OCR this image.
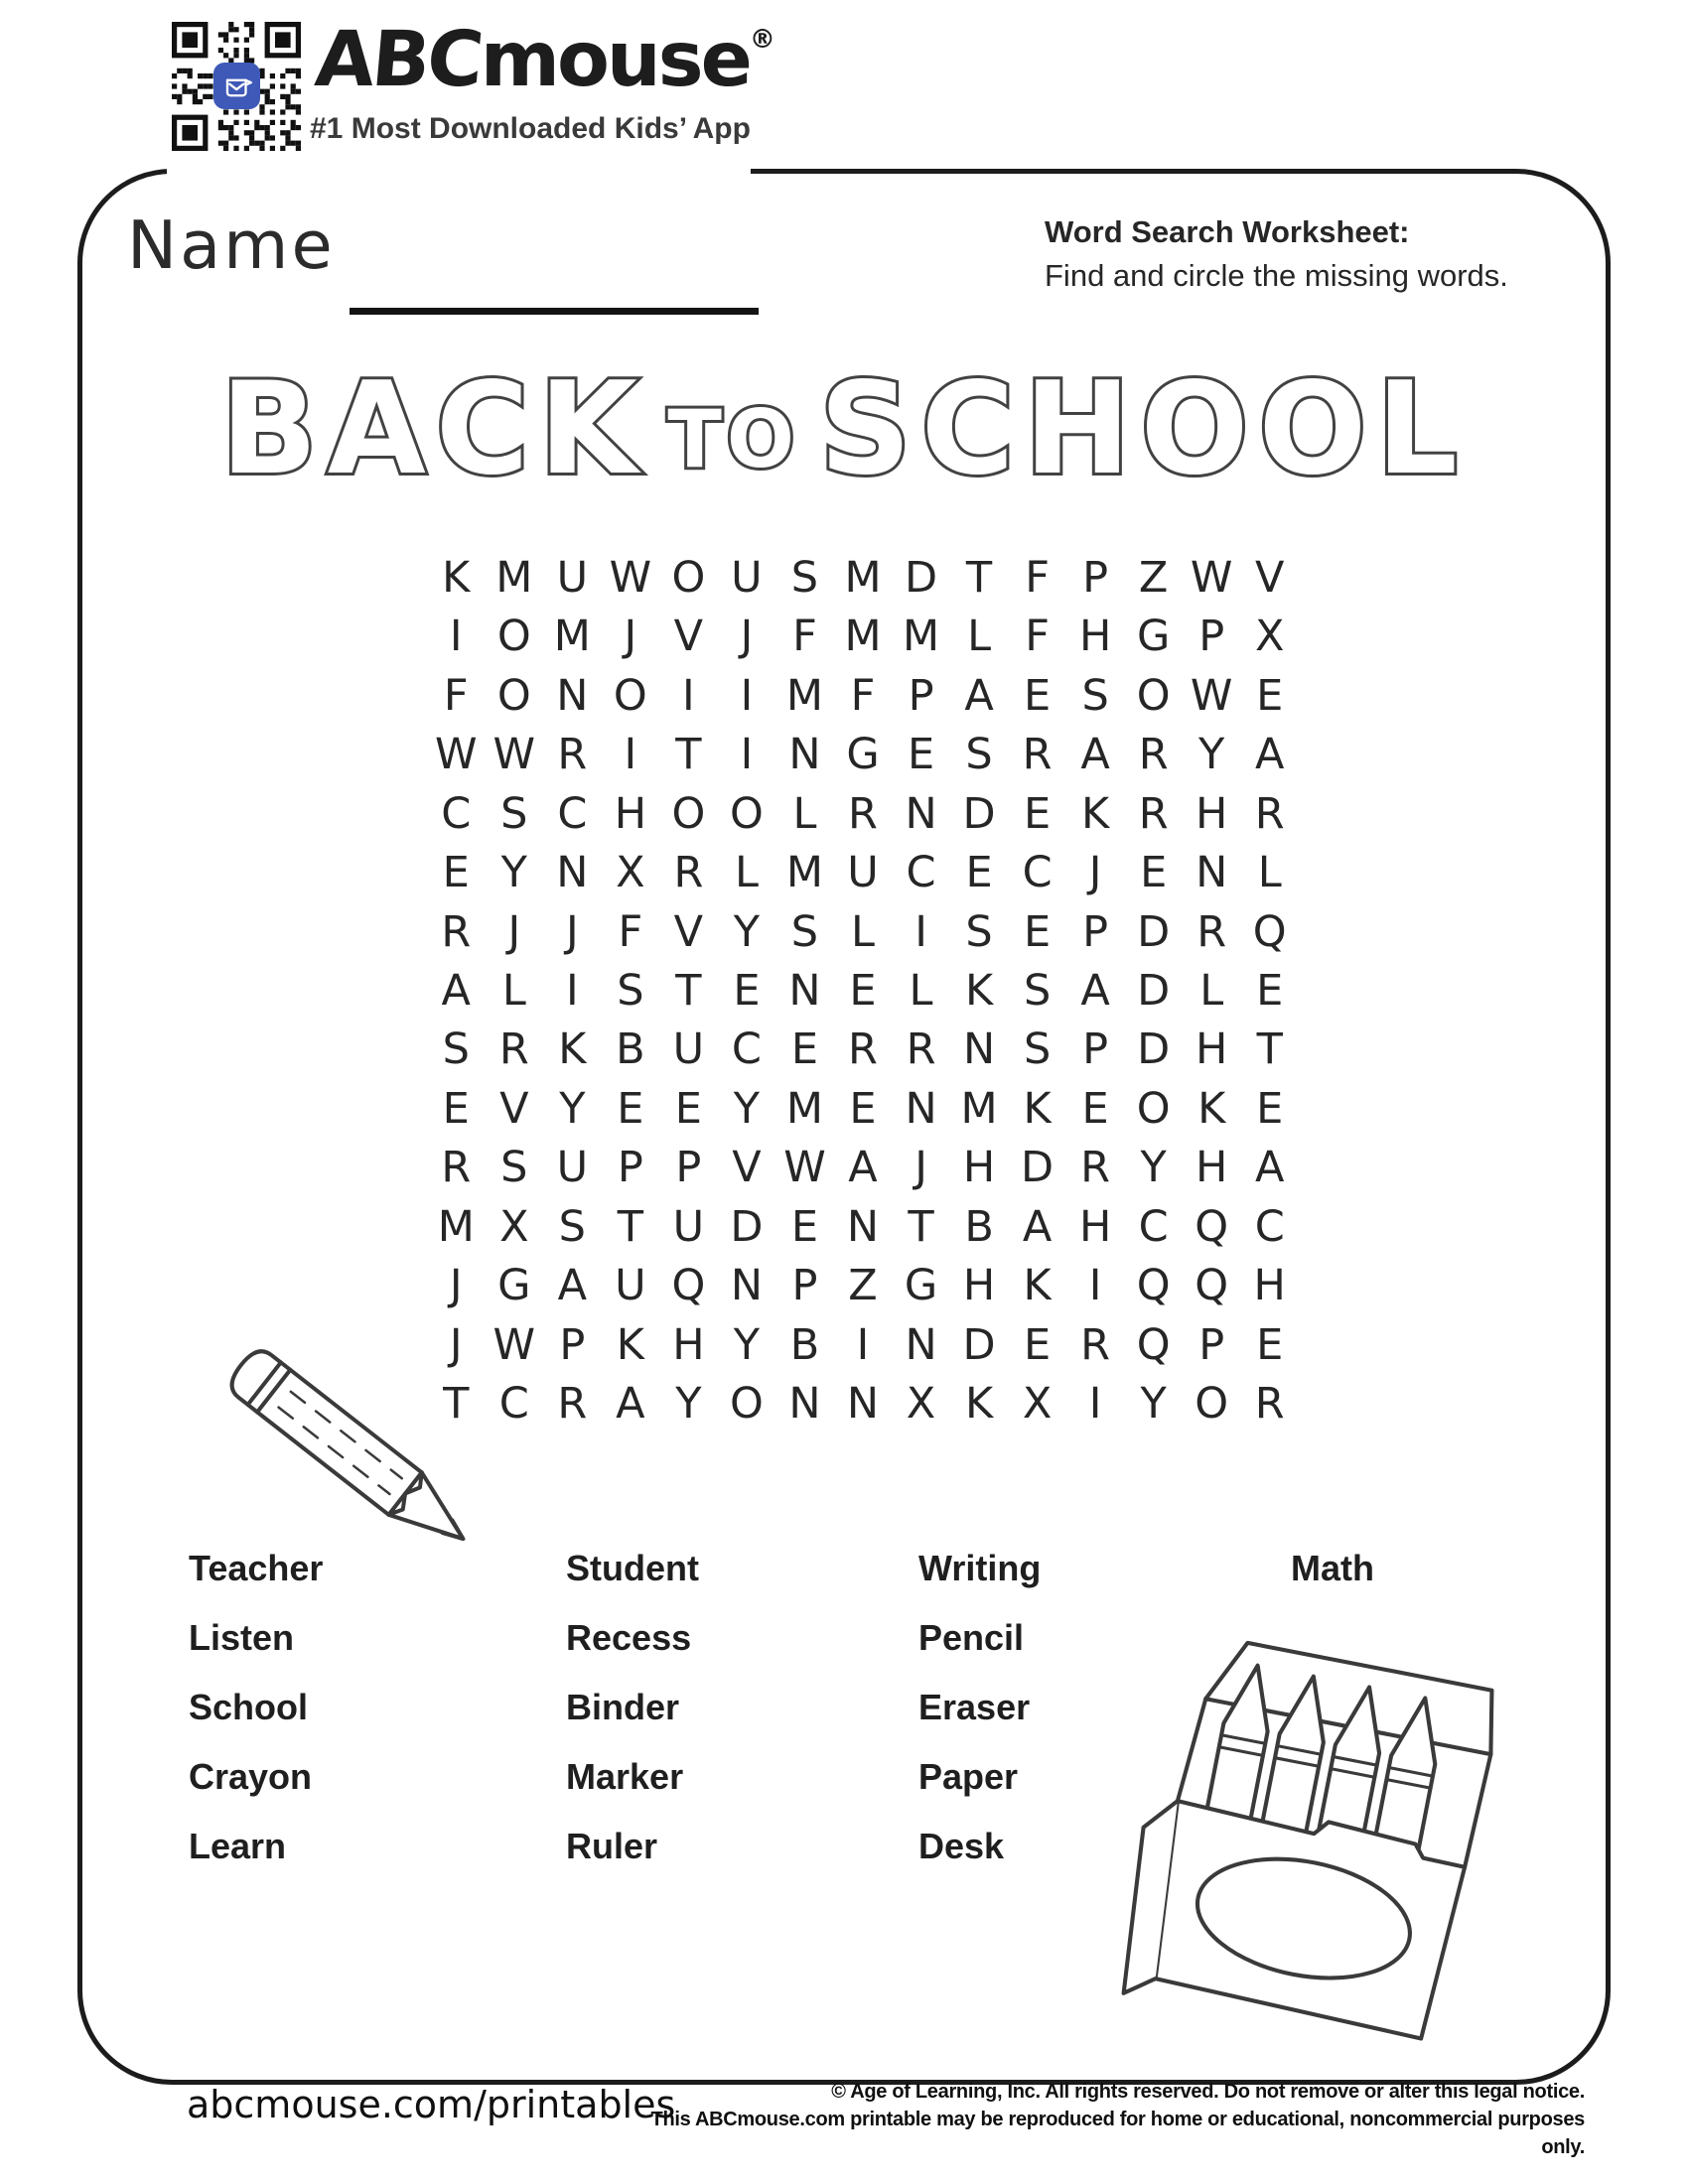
ABCmouse®
#1 Most Downloaded Kids’ App
Name	Word Search Worksheet:
Find and circle the missing words.
BACK TO SCHOOL
K M U W O U S M D T F P Z W V
I O M J V J F M M L F H G P X
F O N O I	I M F P A E S O W E
W W R I T I N G E S R A R Y A
C S C H O O L R N D E K R H R
E Y N X R L M U C E C J E N L
R J	J F V Y S L I S E P D R Q
A L I S T E N E L K S A D L E
S R K B U C E R R N S P D H T
E V Y E E Y M E N M K E O K E
R S U P P V W A J H D R Y H A
M X S T U D E N T B A H C Q C
J G A U Q N P Z G H K I Q Q H
J W P K H Y B I N D E R Q P E
T C R A Y O N N X K X I Y O R
Teacher
Listen
School
Crayon
Learn
Student
Recess
Binder
Marker
Ruler
Writing
Pencil
Eraser
Paper
Desk
Math
abcmouse.com/printables	© Age of Learning, Inc. All rights reserved. Do not remove or alter this legal notice.
This ABCmouse.com printable may be reproduced for home or educational, noncommercial purposes only.
